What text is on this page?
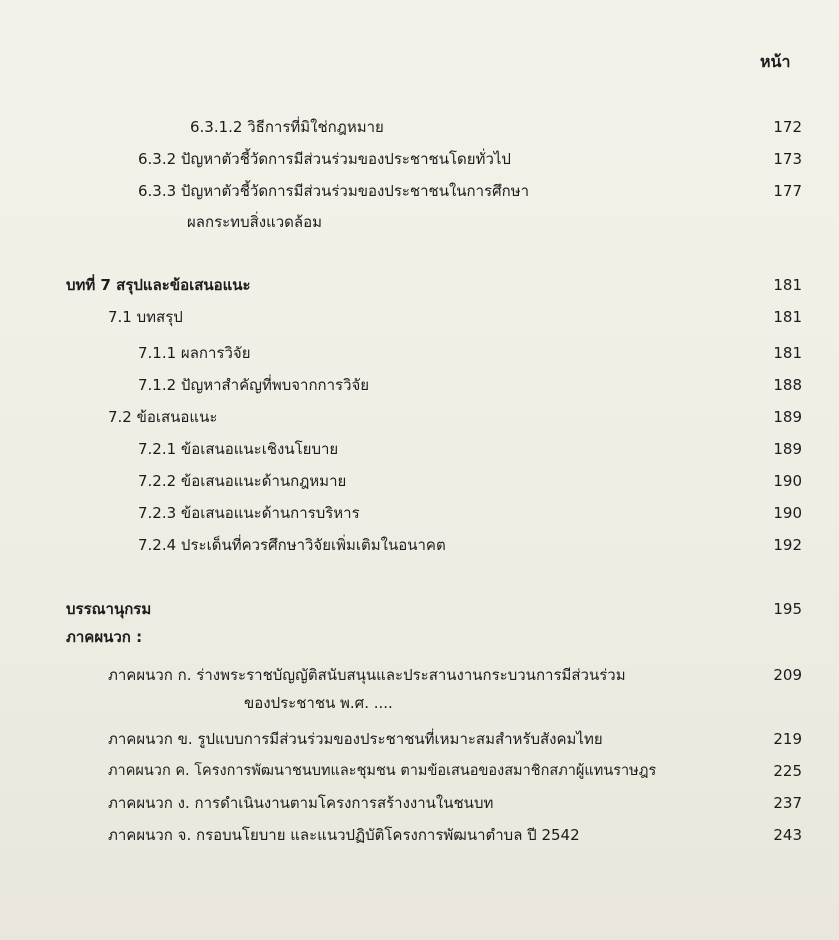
หน้า
6.3.1.2 วิธีการที่มิใช่กฎหมาย	172
6.3.2 ปัญหาตัวชี้วัดการมีส่วนร่วมของประชาชนโดยทั่วไป	173
6.3.3 ปัญหาตัวชี้วัดการมีส่วนร่วมของประชาชนในการศึกษา	177
ผลกระทบสิ่งแวดล้อม
บทที่ 7 สรุปและข้อเสนอแนะ	181
7.1 บทสรุป	181
7.1.1 ผลการวิจัย	181
7.1.2 ปัญหาสำคัญที่พบจากการวิจัย	188
7.2 ข้อเสนอแนะ	189
7.2.1 ข้อเสนอแนะเชิงนโยบาย	189
7.2.2 ข้อเสนอแนะด้านกฎหมาย	190
7.2.3 ข้อเสนอแนะด้านการบริหาร	190
7.2.4 ประเด็นที่ควรศึกษาวิจัยเพิ่มเติมในอนาคต	192
บรรณานุกรม	195
ภาคผนวก :
ภาคผนวก ก. ร่างพระราชบัญญัติสนับสนุนและประสานงานกระบวนการมีส่วนร่วม	209
ของประชาชน พ.ศ. ....
ภาคผนวก ข. รูปแบบการมีส่วนร่วมของประชาชนที่เหมาะสมสำหรับสังคมไทย	219
ภาคผนวก ค. โครงการพัฒนาชนบทและชุมชน ตามข้อเสนอของสมาชิกสภาผู้แทนราษฎร	225
ภาคผนวก ง. การดำเนินงานตามโครงการสร้างงานในชนบท	237
ภาคผนวก จ. กรอบนโยบาย และแนวปฏิบัติโครงการพัฒนาตำบล ปี 2542	243
